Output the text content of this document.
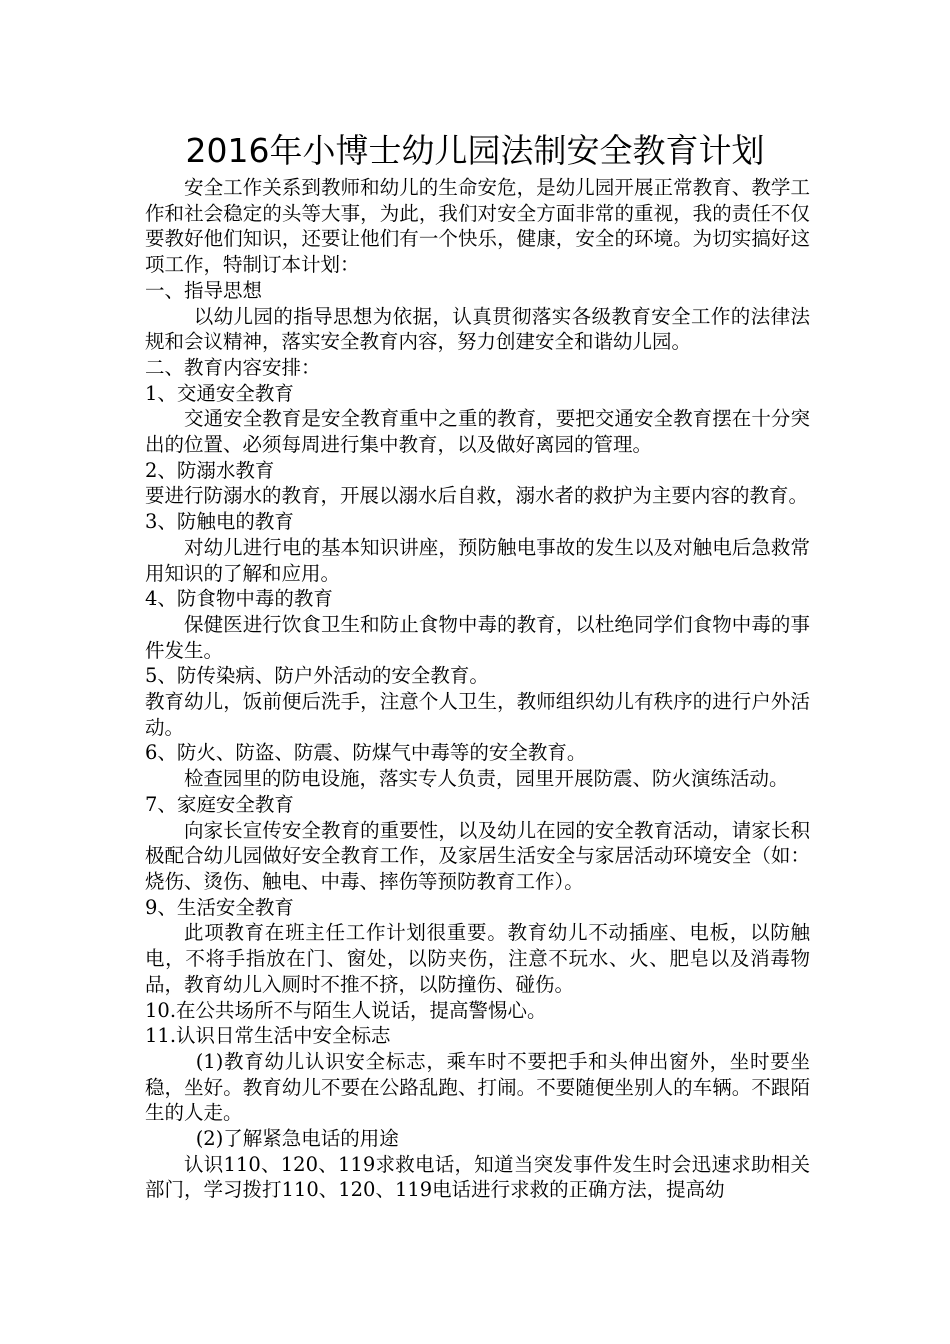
2016年小博士幼儿园法制安全教育计划

安全工作关系到教师和幼儿的生命安危，是幼儿园开展正常教育、教学工作和社会稳定的头等大事，为此，我们对安全方面非常的重视，我的责任不仅要教好他们知识，还要让他们有一个快乐，健康，安全的环境。为切实搞好这项工作，特制订本计划：

一、指导思想

以幼儿园的指导思想为依据，认真贯彻落实各级教育安全工作的法律法规和会议精神，落实安全教育内容，努力创建安全和谐幼儿园。

二、教育内容安排：

1、交通安全教育

交通安全教育是安全教育重中之重的教育，要把交通安全教育摆在十分突出的位置、必须每周进行集中教育，以及做好离园的管理。

2、防溺水教育

要进行防溺水的教育，开展以溺水后自救，溺水者的救护为主要内容的教育。

3、防触电的教育

对幼儿进行电的基本知识讲座，预防触电事故的发生以及对触电后急救常用知识的了解和应用。

4、防食物中毒的教育

保健医进行饮食卫生和防止食物中毒的教育，以杜绝同学们食物中毒的事件发生。

5、防传染病、防户外活动的安全教育。

教育幼儿，饭前便后洗手，注意个人卫生，教师组织幼儿有秩序的进行户外活动。

6、防火、防盗、防震、防煤气中毒等的安全教育。

检查园里的防电设施，落实专人负责，园里开展防震、防火演练活动。

7、家庭安全教育

向家长宣传安全教育的重要性，以及幼儿在园的安全教育活动，请家长积极配合幼儿园做好安全教育工作，及家居生活安全与家居活动环境安全（如：烧伤、烫伤、触电、中毒、摔伤等预防教育工作）。

9、生活安全教育

此项教育在班主任工作计划很重要。教育幼儿不动插座、电板，以防触电，不将手指放在门、窗处，以防夹伤，注意不玩水、火、肥皂以及消毒物品，教育幼儿入厕时不推不挤，以防撞伤、碰伤。

10.在公共场所不与陌生人说话，提高警惕心。

11.认识日常生活中安全标志

(1)教育幼儿认识安全标志，乘车时不要把手和头伸出窗外，坐时要坐稳，坐好。教育幼儿不要在公路乱跑、打闹。不要随便坐别人的车辆。不跟陌生的人走。

(2)了解紧急电话的用途

认识110、120、119求救电话，知道当突发事件发生时会迅速求助相关部门，学习拨打110、120、119电话进行求救的正确方法，提高幼
